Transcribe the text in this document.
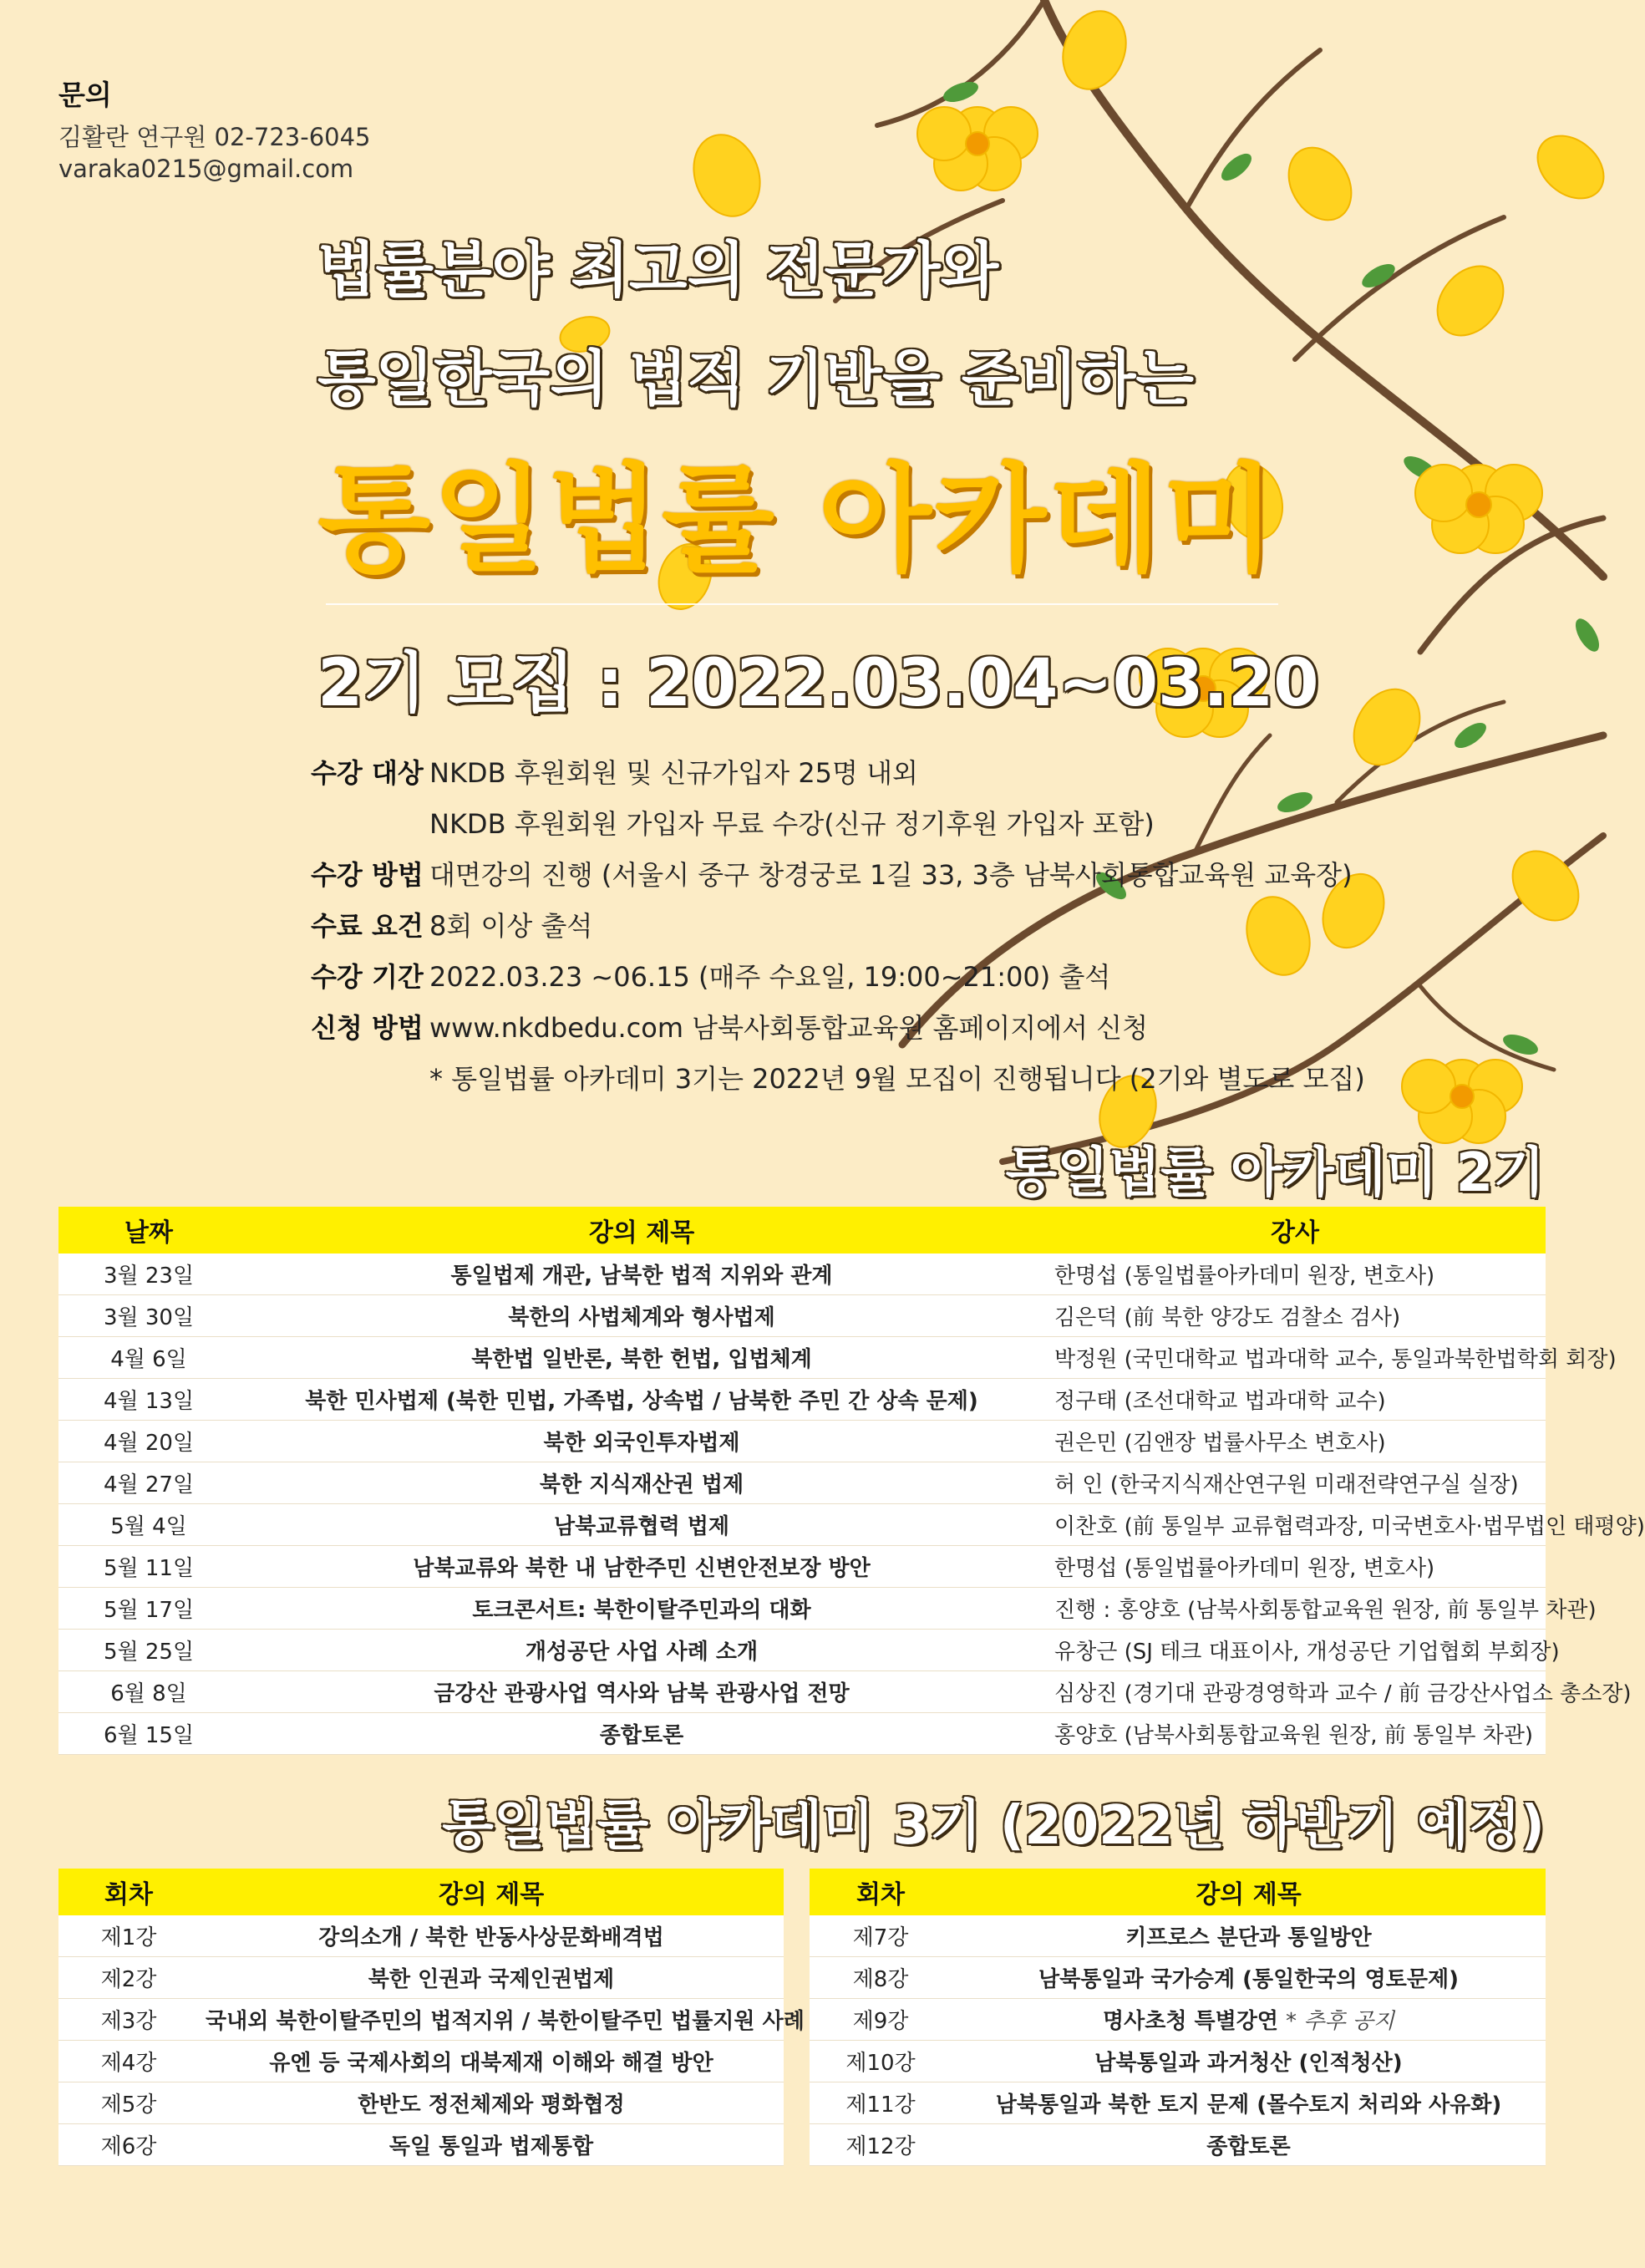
문의
김활란 연구원 02-723-6045
varaka0215@gmail.com
법률분야 최고의 전문가와
통일한국의 법적 기반을 준비하는
통일법률 아카데미
2기 모집 : 2022.03.04~03.20
수강 대상 NKDB 후원회원 및 신규가입자 25명 내외
NKDB 후원회원 가입자 무료 수강(신규 정기후원 가입자 포함)
수강 방법 대면강의 진행 (서울시 중구 창경궁로 1길 33, 3층 남북사회통합교육원 교육장)
수료 요건 8회 이상 출석
수강 기간 2022.03.23 ~06.15 (매주 수요일, 19:00~21:00) 출석
신청 방법 www.nkdbedu.com 남북사회통합교육원 홈페이지에서 신청
* 통일법률 아카데미 3기는 2022년 9월 모집이 진행됩니다 (2기와 별도로 모집)
통일법률 아카데미 2기
날짜	강의 제목	강사
3월 23일	통일법제 개관, 남북한 법적 지위와 관계	한명섭 (통일법률아카데미 원장, 변호사)
3월 30일	북한의 사법체계와 형사법제	김은덕 (前 북한 양강도 검찰소 검사)
4월 6일	북한법 일반론, 북한 헌법, 입법체계	박정원 (국민대학교 법과대학 교수, 통일과북한법학회 회장)
4월 13일	북한 민사법제 (북한 민법, 가족법, 상속법 / 남북한 주민 간 상속 문제)	정구태 (조선대학교 법과대학 교수)
4월 20일	북한 외국인투자법제	권은민 (김앤장 법률사무소 변호사)
4월 27일	북한 지식재산권 법제	허 인 (한국지식재산연구원 미래전략연구실 실장)
5월 4일	남북교류협력 법제	이찬호 (前 통일부 교류협력과장, 미국변호사·법무법인 태평양)
5월 11일	남북교류와 북한 내 남한주민 신변안전보장 방안	한명섭 (통일법률아카데미 원장, 변호사)
5월 17일	토크콘서트: 북한이탈주민과의 대화	진행 : 홍양호 (남북사회통합교육원 원장, 前 통일부 차관)
5월 25일	개성공단 사업 사례 소개	유창근 (SJ 테크 대표이사, 개성공단 기업협회 부회장)
6월 8일	금강산 관광사업 역사와 남북 관광사업 전망	심상진 (경기대 관광경영학과 교수 / 前 금강산사업소 총소장)
6월 15일	종합토론	홍양호 (남북사회통합교육원 원장, 前 통일부 차관)
통일법률 아카데미 3기 (2022년 하반기 예정)
회차	강의 제목
제1강	강의소개 / 북한 반동사상문화배격법
제2강	북한 인권과 국제인권법제
제3강	국내외 북한이탈주민의 법적지위 / 북한이탈주민 법률지원 사례
제4강	유엔 등 국제사회의 대북제재 이해와 해결 방안
제5강	한반도 정전체제와 평화협정
제6강	독일 통일과 법제통합
회차	강의 제목
제7강	키프로스 분단과 통일방안
제8강	남북통일과 국가승계 (통일한국의 영토문제)
제9강	명사초청 특별강연 * 추후 공지
제10강	남북통일과 과거청산 (인적청산)
제11강	남북통일과 북한 토지 문제 (몰수토지 처리와 사유화)
제12강	종합토론
